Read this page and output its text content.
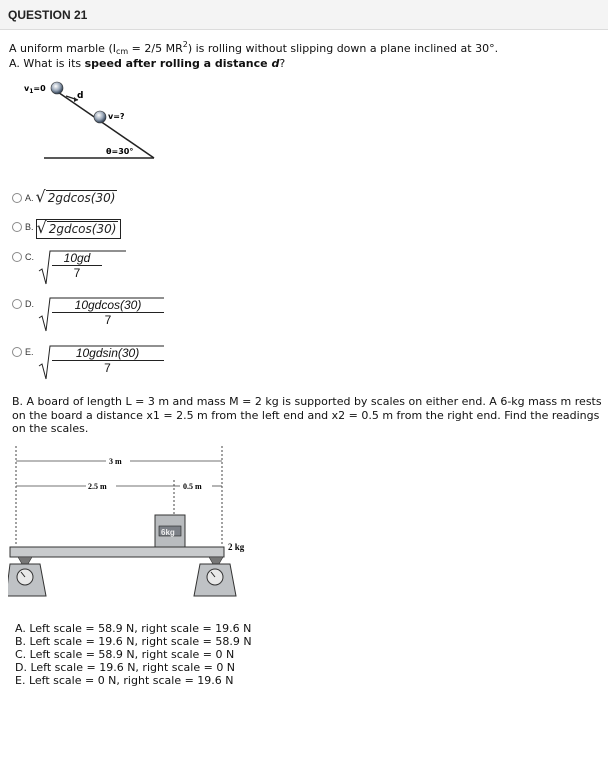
QUESTION 21
A uniform marble ($I_{cm} = 2/5$ $MR^2$) is rolling without slipping down a plane inclined at 30°.
A. What is its speed after rolling a distance d?
$v_1=0$
d
v=?
θ=30°
A. √ 2gdcos(30)
B. √ 2gdcos(30)
C. $\frac{10gd}{7}$
D. $\frac{10gdcos(30)}{7}$
E. $\frac{10gdsin(30)}{7}$
B. A board of length L = 3 m and mass M = 2 kg is supported by scales on either end. A 6-kg mass m rests on the board a distance x1 = 2.5 m from the left end and x2 = 0.5 m from the right end. Find the readings on the scales.
3 m
2.5 m	0.5 m
6kg
2 kg
A. Left scale = 58.9 N, right scale = 19.6 N
B. Left scale = 19.6 N, right scale = 58.9 N
C. Left scale = 58.9 N, right scale = 0 N
D. Left scale = 19.6 N, right scale = 0 N
E. Left scale = 0 N, right scale = 19.6 N
